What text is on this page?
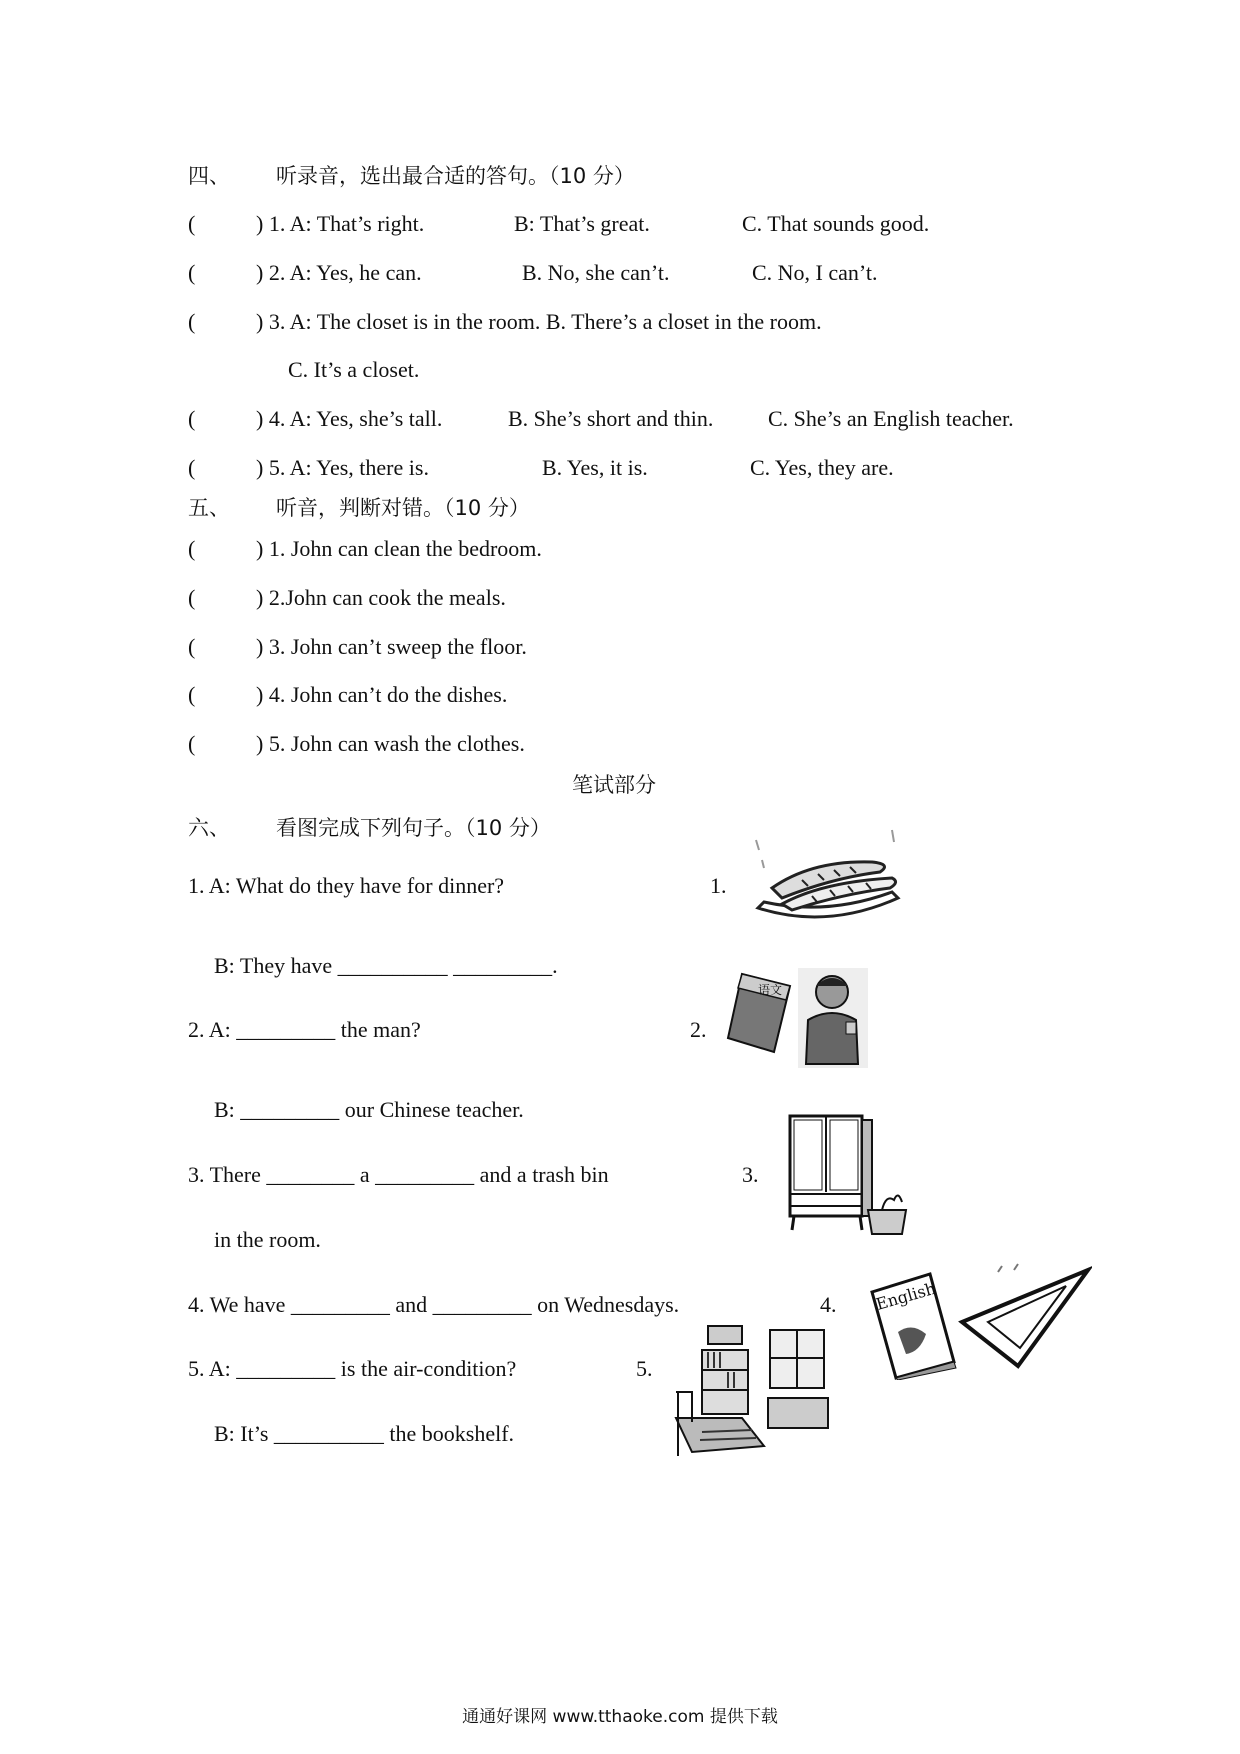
四、 听录音，选出最合适的答句。（10 分）
(	) 1. A: That’s right.	B: That’s great.	C. That sounds good.
(	) 2. A: Yes, he can.	B. No, she can’t.	C. No, I can’t.
(	) 3. A: The closet is in the room. B. There’s a closet in the room.
C. It’s a closet.
(	) 4. A: Yes, she’s tall.	B. She’s short and thin. C. She’s an English teacher.
(	) 5. A: Yes, there is.	B. Yes, it is.	C. Yes, they are.
五、 听音，判断对错。（10 分）
(	) 1. John can clean the bedroom.
(	) 2.John can cook the meals.
(	) 3. John can’t sweep the floor.
(	) 4. John can’t do the dishes.
(	) 5. John can wash the clothes.
笔试部分
六、 看图完成下列句子。（10 分）
1. A: What do they have for dinner?
B: They have __________ _________.
2. A: _________ the man?
B: _________ our Chinese teacher.
3. There ________ a _________ and a trash bin
in the room.
4. We have _________ and _________ on Wednesdays.
5. A: _________ is the air-condition?
B: It’s __________ the bookshelf.
1.
2.
3.
4.
5.
语文
English
通通好课网 www.tthaoke.com 提供下载
